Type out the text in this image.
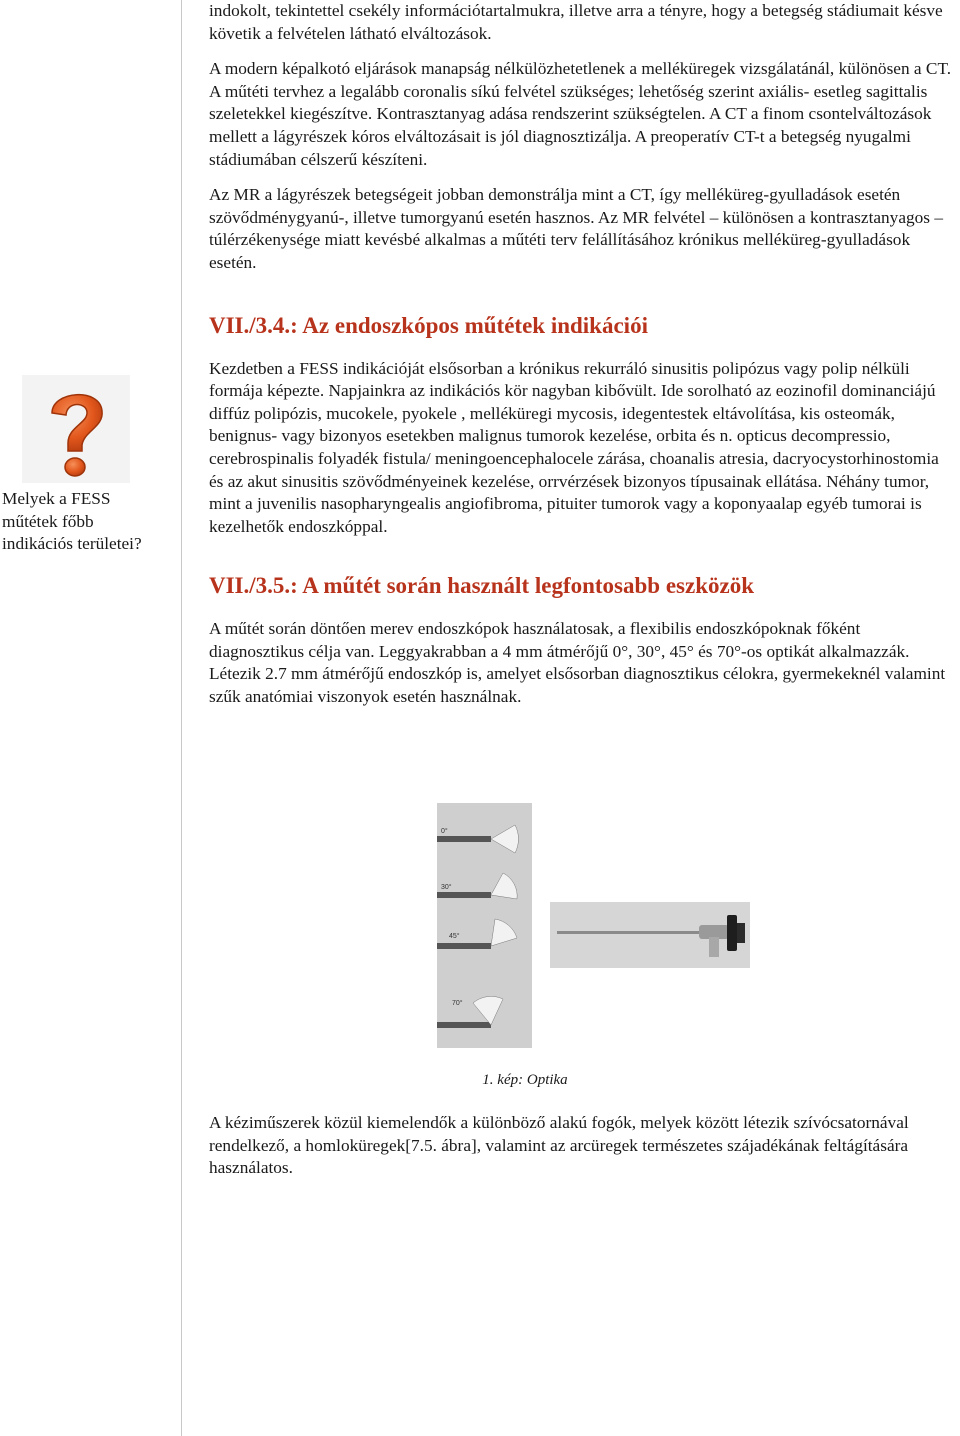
indokolt, tekintettel csekély információtartalmukra, illetve arra a tényre, hogy a betegség stádiumait késve követik a felvételen látható elváltozások.

A modern képalkotó eljárások manapság nélkülözhetetlenek a melléküregek vizsgálatánál, különösen a CT. A műtéti tervhez a legalább coronalis síkú felvétel szükséges; lehetőség szerint axiális- esetleg sagittalis szeletekkel kiegészítve. Kontrasztanyag adása rendszerint szükségtelen. A CT a finom csontelváltozások mellett a lágyrészek kóros elváltozásait is jól diagnosztizálja. A preoperatív CT-t a betegség nyugalmi stádiumában célszerű készíteni.

Az MR a lágyrészek betegségeit jobban demonstrálja mint a CT, így melléküreg-gyulladások esetén szövődménygyanú-, illetve tumorgyanú esetén hasznos. Az MR felvétel – különösen a kontrasztanyagos – túlérzékenysége miatt kevésbé alkalmas a műtéti terv felállításához krónikus melléküreg-gyulladások esetén.

VII./3.4.: Az endoszkópos műtétek indikációi

Kezdetben a FESS indikációját elsősorban a krónikus rekurráló sinusitis polipózus vagy polip nélküli formája képezte. Napjainkra az indikációs kör nagyban kibővült. Ide sorolható az eozinofil dominanciájú diffúz polipózis, mucokele, pyokele , melléküregi mycosis, idegentestek eltávolítása, kis osteomák, benignus- vagy bizonyos esetekben malignus tumorok kezelése, orbita és n. opticus decompressio, cerebrospinalis folyadék fistula/ meningoencephalocele zárása, choanalis atresia, dacryocystorhinostomia és az akut sinusitis szövődményeinek kezelése, orrvérzések bizonyos típusainak ellátása. Néhány tumor, mint a juvenilis nasopharyngealis angiofibroma, pituiter tumorok vagy a koponyaalap egyéb tumorai is kezelhetők endoszkóppal.

VII./3.5.: A műtét során használt legfontosabb eszközök

A műtét során döntően merev endoszkópok használatosak, a flexibilis endoszkópoknak főként diagnosztikus célja van. Leggyakrabban a 4 mm átmérőjű 0°, 30°, 45° és 70°-os optikát alkalmazzák. Létezik 2.7 mm átmérőjű endoszkóp is, amelyet elsősorban diagnosztikus célokra, gyermekeknél valamint szűk anatómiai viszonyok esetén használnak.

Melyek a FESS műtétek főbb indikációs területei?
0°
30°
45°
70°
1. kép: Optika

A kéziműszerek közül kiemelendők a különböző alakú fogók, melyek között létezik szívócsatornával rendelkező, a homloküregek[7.5. ábra], valamint az arcüregek természetes szájadékának feltágítására használatos.
